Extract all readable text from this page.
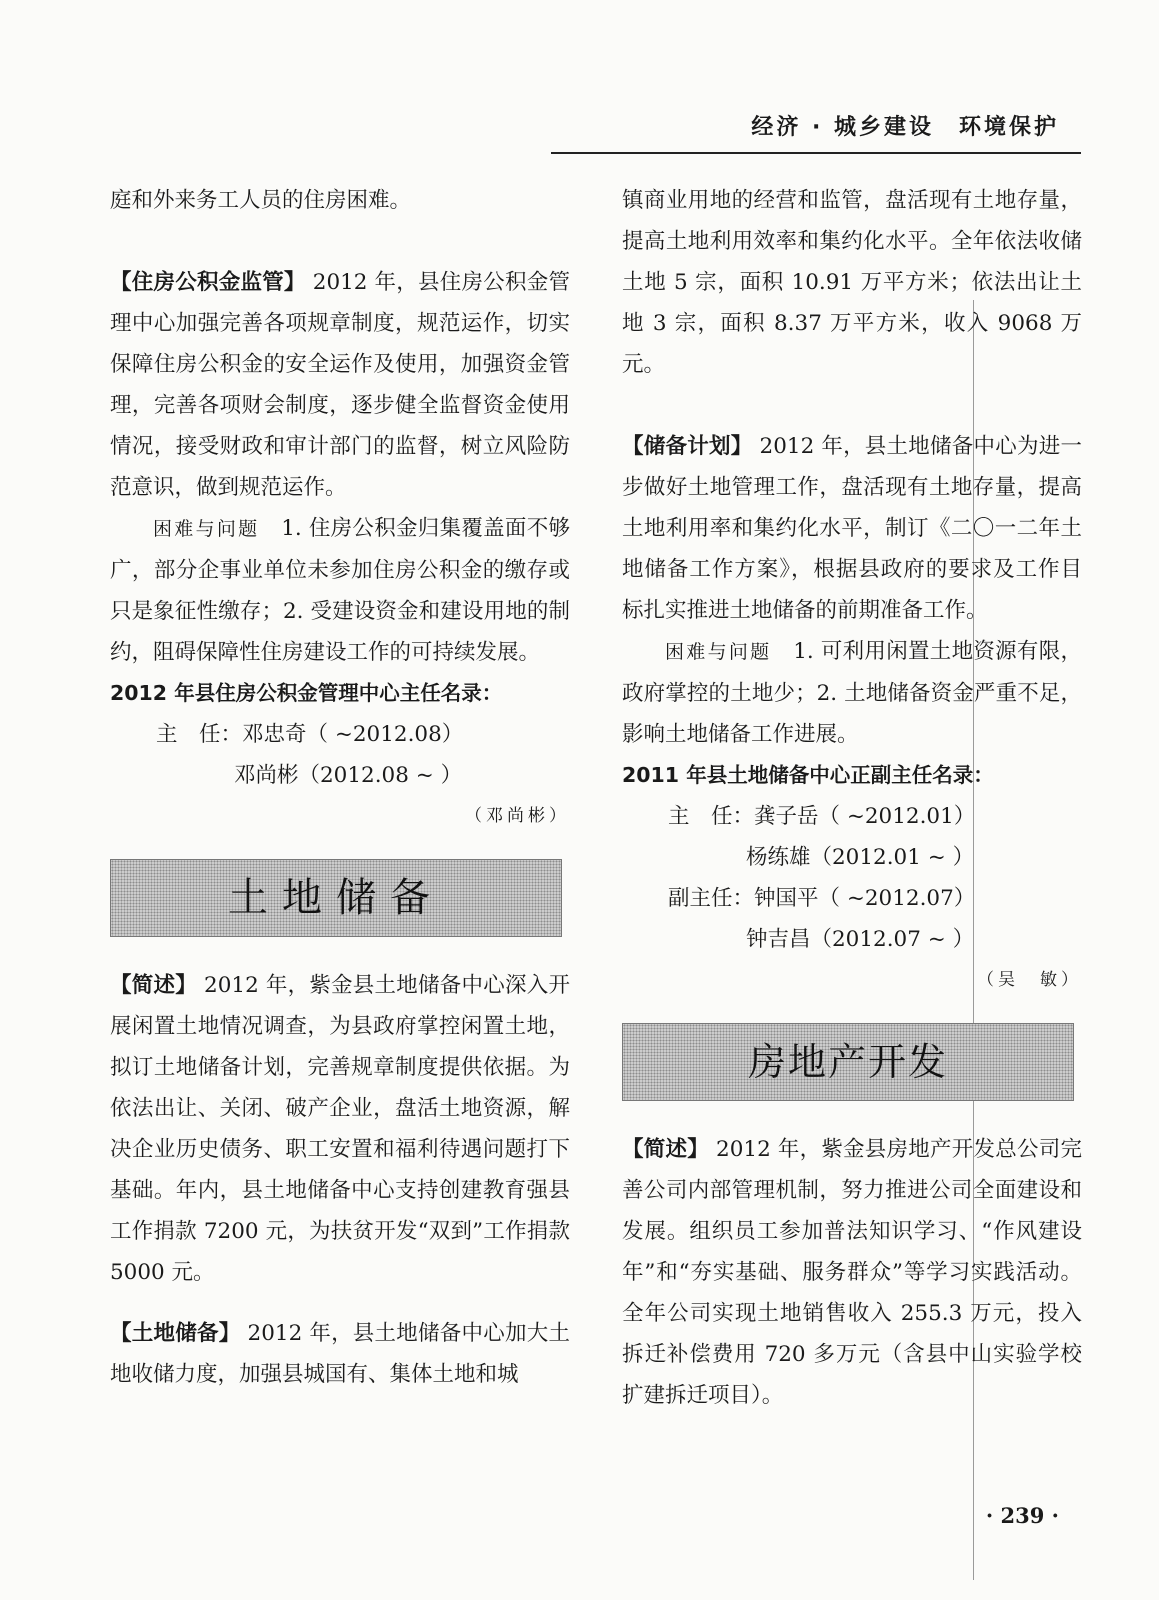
经济 · 城乡建设　环境保护

庭和外来务工人员的住房困难。

【住房公积金监管】 2012 年，县住房公积金管理中心加强完善各项规章制度，规范运作，切实保障住房公积金的安全运作及使用，加强资金管理，完善各项财会制度，逐步健全监督资金使用情况，接受财政和审计部门的监督，树立风险防范意识，做到规范运作。

困难与问题　1. 住房公积金归集覆盖面不够广，部分企事业单位未参加住房公积金的缴存或只是象征性缴存；2. 受建设资金和建设用地的制约，阻碍保障性住房建设工作的可持续发展。

2012 年县住房公积金管理中心主任名录：

主　任：邓忠奇（ ~2012.08）

邓尚彬（2012.08 ~ ）

（邓尚彬）

土地储备

【简述】 2012 年，紫金县土地储备中心深入开展闲置土地情况调查，为县政府掌控闲置土地，拟订土地储备计划，完善规章制度提供依据。为依法出让、关闭、破产企业，盘活土地资源，解决企业历史债务、职工安置和福利待遇问题打下基础。年内，县土地储备中心支持创建教育强县工作捐款 7200 元，为扶贫开发“双到”工作捐款 5000 元。

【土地储备】 2012 年，县土地储备中心加大土地收储力度，加强县城国有、集体土地和城

镇商业用地的经营和监管，盘活现有土地存量，提高土地利用效率和集约化水平。全年依法收储土地 5 宗，面积 10.91 万平方米；依法出让土地 3 宗，面积 8.37 万平方米，收入 9068 万元。

【储备计划】 2012 年，县土地储备中心为进一步做好土地管理工作，盘活现有土地存量，提高土地利用率和集约化水平，制订《二〇一二年土地储备工作方案》，根据县政府的要求及工作目标扎实推进土地储备的前期准备工作。

困难与问题　1. 可利用闲置土地资源有限，政府掌控的土地少；2. 土地储备资金严重不足，影响土地储备工作进展。

2011 年县土地储备中心正副主任名录：

主　任：龚子岳（ ~2012.01）

杨练雄（2012.01 ~ ）

副主任：钟国平（ ~2012.07）

钟吉昌（2012.07 ~ ）

（吴　敏）

房地产开发

【简述】 2012 年，紫金县房地产开发总公司完善公司内部管理机制，努力推进公司全面建设和发展。组织员工参加普法知识学习、“作风建设年”和“夯实基础、服务群众”等学习实践活动。全年公司实现土地销售收入 255.3 万元，投入拆迁补偿费用 720 多万元（含县中山实验学校扩建拆迁项目）。

· 239 ·
